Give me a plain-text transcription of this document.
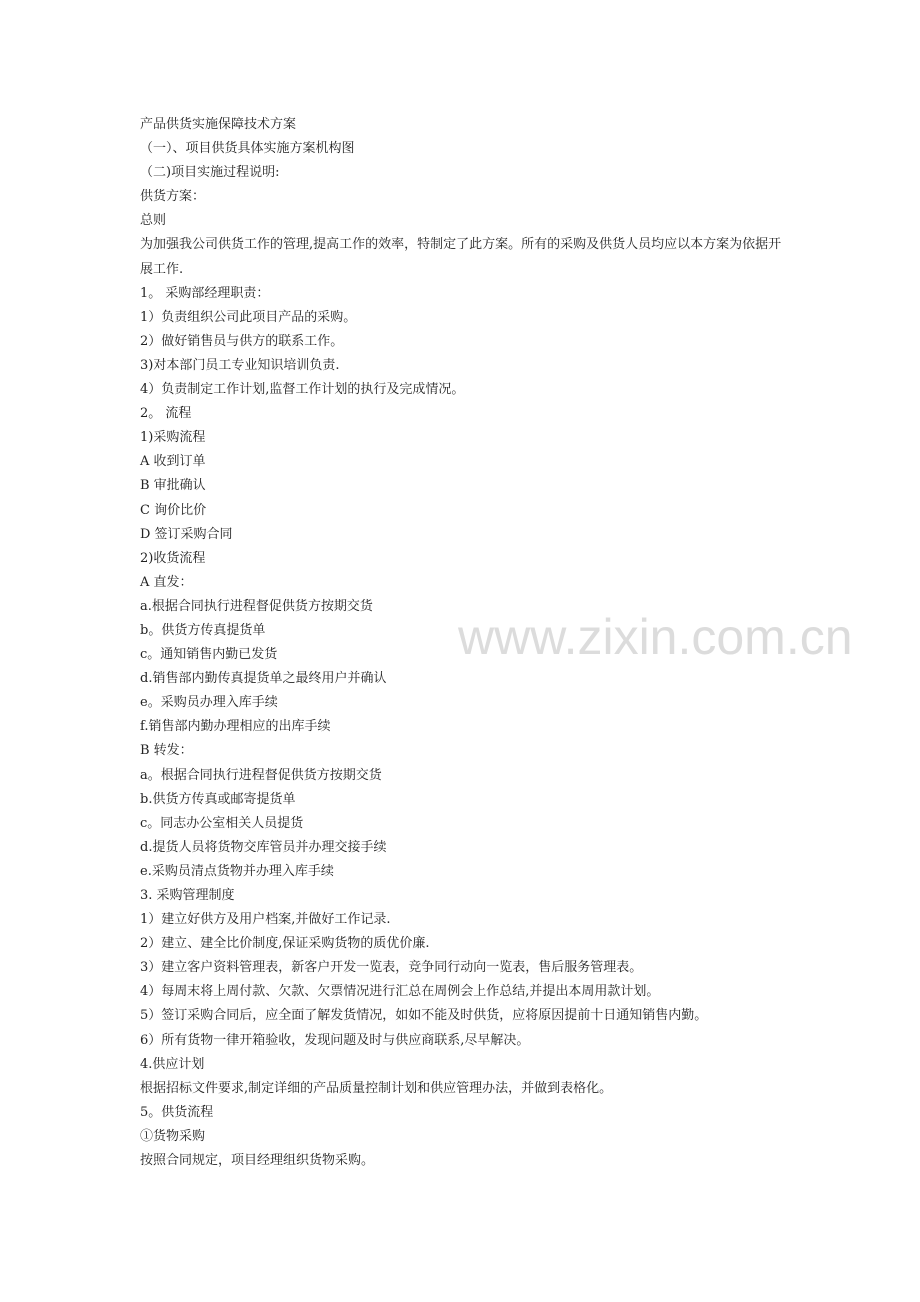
www.zixin.com.cn
产品供货实施保障技术方案
（一）、项目供货具体实施方案机构图
（二)项目实施过程说明:
供货方案：
总则
为加强我公司供货工作的管理,提高工作的效率，特制定了此方案。所有的采购及供货人员均应以本方案为依据开展工作.
1。 采购部经理职责：
1）负责组织公司此项目产品的采购。
2）做好销售员与供方的联系工作。
3)对本部门员工专业知识培训负责.
4）负责制定工作计划,监督工作计划的执行及完成情况。
2。 流程
1)采购流程
A 收到订单
B 审批确认
C 询价比价
D 签订采购合同
2)收货流程
A 直发：
a.根据合同执行进程督促供货方按期交货
b。供货方传真提货单
c。通知销售内勤已发货
d.销售部内勤传真提货单之最终用户并确认
e。采购员办理入库手续
f.销售部内勤办理相应的出库手续
B 转发：
a。根据合同执行进程督促供货方按期交货
b.供货方传真或邮寄提货单
c。同志办公室相关人员提货
d.提货人员将货物交库管员并办理交接手续
e.采购员清点货物并办理入库手续
3. 采购管理制度
1）建立好供方及用户档案,并做好工作记录.
2）建立、建全比价制度,保证采购货物的质优价廉.
3）建立客户资料管理表，新客户开发一览表，竞争同行动向一览表，售后服务管理表。
4）每周末将上周付款、欠款、欠票情况进行汇总在周例会上作总结,并提出本周用款计划。
5）签订采购合同后，应全面了解发货情况，如如不能及时供货，应将原因提前十日通知销售内勤。
6）所有货物一律开箱验收，发现问题及时与供应商联系,尽早解决。
4.供应计划
根据招标文件要求,制定详细的产品质量控制计划和供应管理办法，并做到表格化。
5。供货流程
①货物采购
按照合同规定，项目经理组织货物采购。
